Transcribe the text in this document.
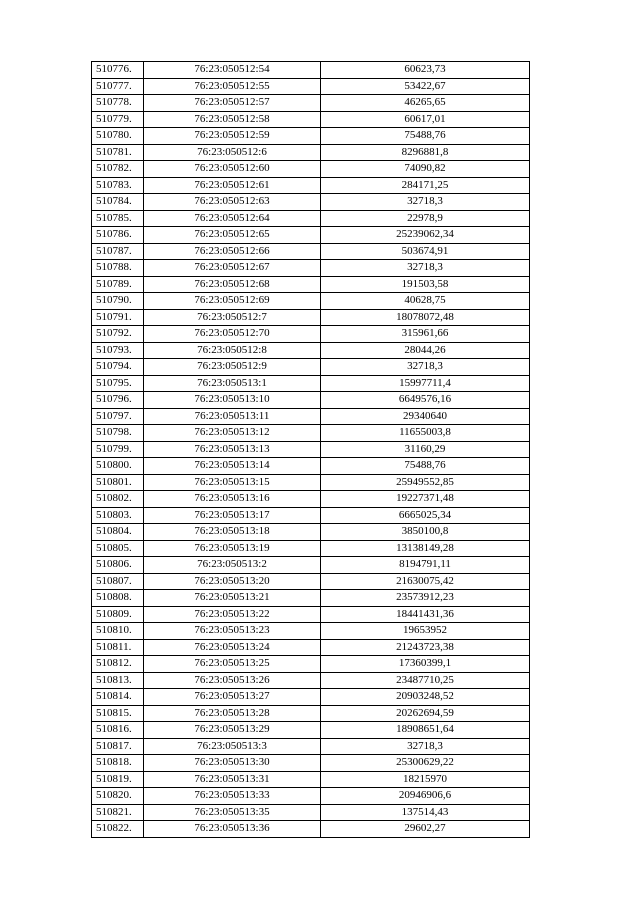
510776.	76:23:050512:54	60623,73
510777.	76:23:050512:55	53422,67
510778.	76:23:050512:57	46265,65
510779.	76:23:050512:58	60617,01
510780.	76:23:050512:59	75488,76
510781.	76:23:050512:6	8296881,8
510782.	76:23:050512:60	74090,82
510783.	76:23:050512:61	284171,25
510784.	76:23:050512:63	32718,3
510785.	76:23:050512:64	22978,9
510786.	76:23:050512:65	25239062,34
510787.	76:23:050512:66	503674,91
510788.	76:23:050512:67	32718,3
510789.	76:23:050512:68	191503,58
510790.	76:23:050512:69	40628,75
510791.	76:23:050512:7	18078072,48
510792.	76:23:050512:70	315961,66
510793.	76:23:050512:8	28044,26
510794.	76:23:050512:9	32718,3
510795.	76:23:050513:1	15997711,4
510796.	76:23:050513:10	6649576,16
510797.	76:23:050513:11	29340640
510798.	76:23:050513:12	11655003,8
510799.	76:23:050513:13	31160,29
510800.	76:23:050513:14	75488,76
510801.	76:23:050513:15	25949552,85
510802.	76:23:050513:16	19227371,48
510803.	76:23:050513:17	6665025,34
510804.	76:23:050513:18	3850100,8
510805.	76:23:050513:19	13138149,28
510806.	76:23:050513:2	8194791,11
510807.	76:23:050513:20	21630075,42
510808.	76:23:050513:21	23573912,23
510809.	76:23:050513:22	18441431,36
510810.	76:23:050513:23	19653952
510811.	76:23:050513:24	21243723,38
510812.	76:23:050513:25	17360399,1
510813.	76:23:050513:26	23487710,25
510814.	76:23:050513:27	20903248,52
510815.	76:23:050513:28	20262694,59
510816.	76:23:050513:29	18908651,64
510817.	76:23:050513:3	32718,3
510818.	76:23:050513:30	25300629,22
510819.	76:23:050513:31	18215970
510820.	76:23:050513:33	20946906,6
510821.	76:23:050513:35	137514,43
510822.	76:23:050513:36	29602,27
